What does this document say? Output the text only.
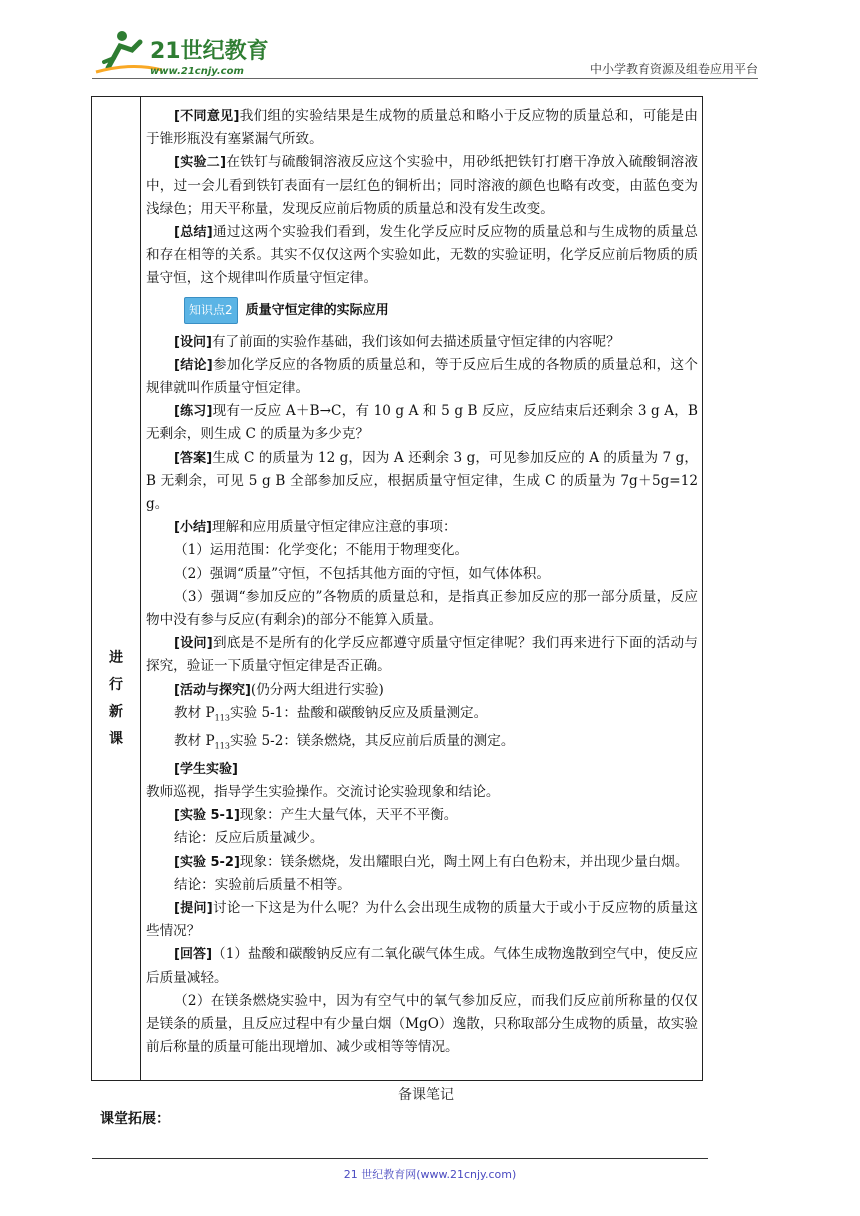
21世纪教育
www.21cnjy.com	中小学教育资源及组卷应用平台
进
行
新
课

[不同意见]我们组的实验结果是生成物的质量总和略小于反应物的质量总和，可能是由于锥形瓶没有塞紧漏气所致。

[实验二]在铁钉与硫酸铜溶液反应这个实验中，用砂纸把铁钉打磨干净放入硫酸铜溶液中，过一会儿看到铁钉表面有一层红色的铜析出；同时溶液的颜色也略有改变，由蓝色变为浅绿色；用天平称量，发现反应前后物质的质量总和没有发生改变。

[总结]通过这两个实验我们看到，发生化学反应时反应物的质量总和与生成物的质量总和存在相等的关系。其实不仅仅这两个实验如此，无数的实验证明，化学反应前后物质的质量守恒，这个规律叫作质量守恒定律。

知识点2	质量守恒定律的实际应用

[设问]有了前面的实验作基础，我们该如何去描述质量守恒定律的内容呢？

[结论]参加化学反应的各物质的质量总和，等于反应后生成的各物质的质量总和，这个规律就叫作质量守恒定律。

[练习]现有一反应 A＋B→C，有 10 g A 和 5 g B 反应，反应结束后还剩余 3 g A，B 无剩余，则生成 C 的质量为多少克？

[答案]生成 C 的质量为 12 g，因为 A 还剩余 3 g，可见参加反应的 A 的质量为 7 g，B 无剩余，可见 5 g B 全部参加反应，根据质量守恒定律，生成 C 的质量为 7g＋5g=12 g。

[小结]理解和应用质量守恒定律应注意的事项：

（1）运用范围：化学变化；不能用于物理变化。

（2）强调“质量”守恒，不包括其他方面的守恒，如气体体积。

（3）强调“参加反应的”各物质的质量总和，是指真正参加反应的那一部分质量，反应物中没有参与反应(有剩余)的部分不能算入质量。

[设问]到底是不是所有的化学反应都遵守质量守恒定律呢？我们再来进行下面的活动与探究，验证一下质量守恒定律是否正确。

[活动与探究](仍分两大组进行实验)

教材 $P_{113}$实验 5-1：盐酸和碳酸钠反应及质量测定。

教材 $P_{113}$实验 5-2：镁条燃烧，其反应前后质量的测定。

[学生实验]

教师巡视，指导学生实验操作。交流讨论实验现象和结论。

[实验 5-1]现象：产生大量气体，天平不平衡。

结论：反应后质量减少。

[实验 5-2]现象：镁条燃烧，发出耀眼白光，陶土网上有白色粉末，并出现少量白烟。

结论：实验前后质量不相等。

[提问]讨论一下这是为什么呢？为什么会出现生成物的质量大于或小于反应物的质量这些情况？

[回答]（1）盐酸和碳酸钠反应有二氧化碳气体生成。气体生成物逸散到空气中，使反应后质量减轻。

（2）在镁条燃烧实验中，因为有空气中的氧气参加反应，而我们反应前所称量的仅仅是镁条的质量，且反应过程中有少量白烟（MgO）逸散，只称取部分生成物的质量，故实验前后称量的质量可能出现增加、减少或相等等情况。

备课笔记
课堂拓展：
21 世纪教育网(www.21cnjy.com)
